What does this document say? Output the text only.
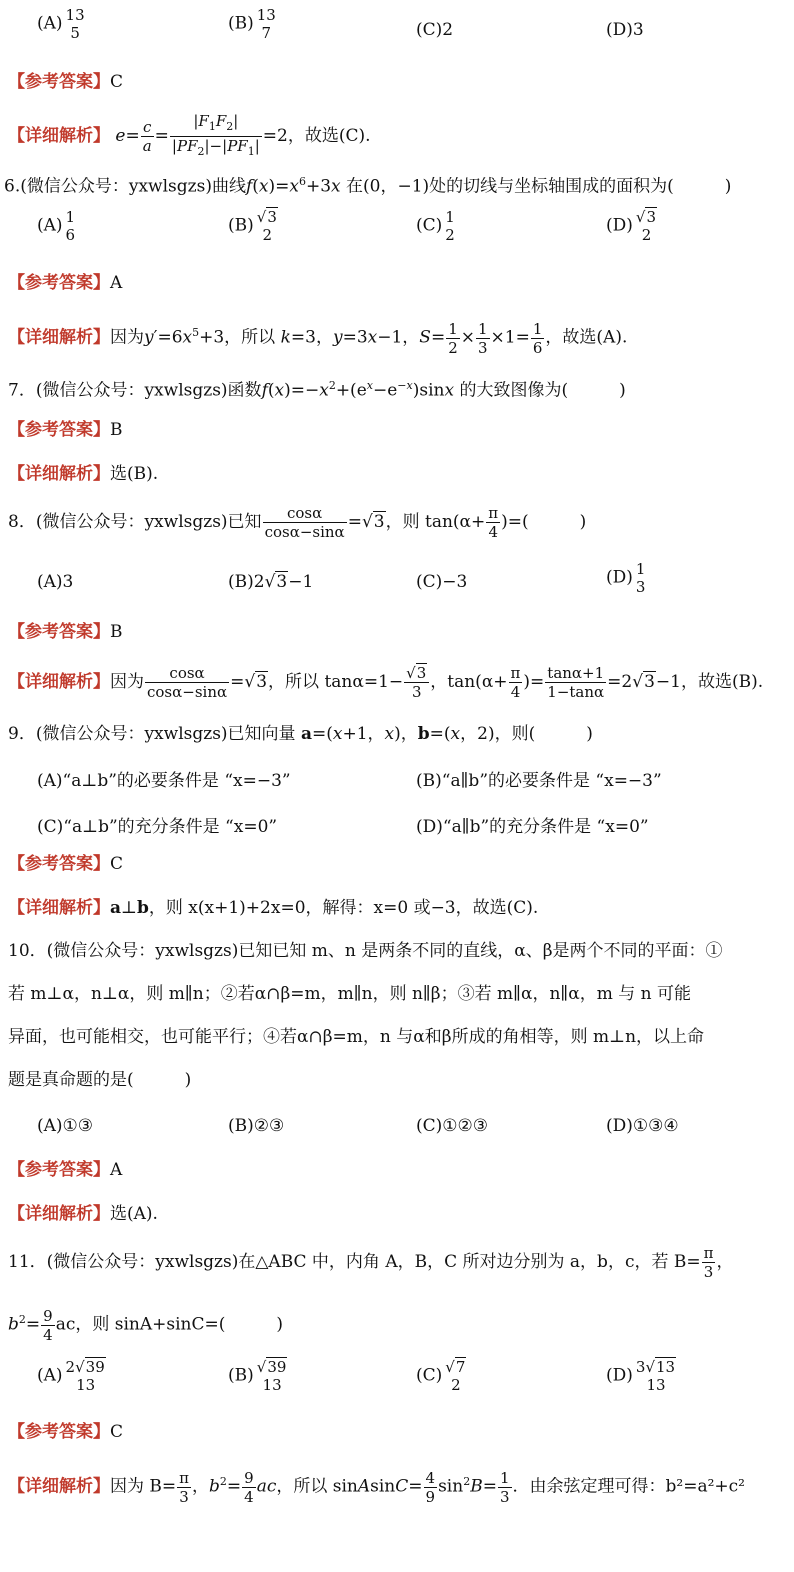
(A) 13
5	(B) 13
7	(C)2	(D)3
【参考答案】C
【详细解析】 $e= \frac{c}{a} = \frac{|F_1F_2|}{|PF_2|-|PF_1|} =2$，故选(C).
6.(微信公众号：yxwlsgzs)曲线$f(x)=x^6+3x$ 在(0，−1)处的切线与坐标轴围成的面积为(　　　)
(A) 1
6	(B)
√ 3
2	(C) 1
2	(D)
√ 3
2
【参考答案】A
【详细解析】因为$y'=6x^5+3$，所以 k=3，y=3x−1，$S= \frac{1}{2} \times \frac{1}{3} \times 1= \frac{1}{6}$ ，故选(A).
7．(微信公众号：yxwlsgzs)函数$f(x)=-x^2+(e^x-e^{-x})\sin x$ 的大致图像为(　　　)
【参考答案】B
【详细解析】选(B).
8．(微信公众号：yxwlsgzs)已知 $\frac{\cos\alpha}{\cos\alpha-\sin\alpha}$ =√ 3，则 $\tan(\alpha+ \frac{\pi}{4}$ )=(　　　)
(A)3	(B)2√ 3−1	(C)−3	(D) 1
3
【参考答案】B
【详细解析】因为 $\frac{\cos\alpha}{\cos\alpha-\sin\alpha}$ =√ 3，所以 tanα=1−
√ $\frac{3}{3}$ ，$\tan(\alpha+ \frac{\pi}{4}$ )= $\frac{\tan\alpha+1}{1-\tan\alpha} =2√$ 3−1，故选(B).
9．(微信公众号：yxwlsgzs)已知向量 a=(x+1，x)，b=(x，2)，则(　　　)
(A)“a⊥b”的必要条件是 “x=−3”	(B)“a∥b”的必要条件是 “x=−3”
(C)“a⊥b”的充分条件是 “x=0”	(D)“a∥b”的充分条件是 “x=0”
【参考答案】C
【详细解析】a⊥b，则 x(x+1)+2x=0，解得：x=0 或−3，故选(C).
10．(微信公众号：yxwlsgzs)已知已知 m、n 是两条不同的直线，α、β是两个不同的平面：①
若 m⊥α，n⊥α，则 m∥n；②若α∩β=m，m∥n，则 n∥β；③若 m∥α，n∥α，m 与 n 可能
异面，也可能相交，也可能平行；④若α∩β=m，n 与α和β所成的角相等，则 m⊥n，以上命
题是真命题的是(　　　)
(A)①③	(B)②③	(C)①②③	(D)①③④
【参考答案】A
【详细解析】选(A).
11．(微信公众号：yxwlsgzs)在△ABC 中，内角 A，B，C 所对边分别为 a，b，c，若 $B= \frac{\pi}{3}$ ，
$b^2= \frac{9}{4}$ ac，则 sinA+sinC=(　　　)
(A) 2√ 39
13	(B)
√ 39
13	(C)
√ 7
2	(D) 3√ 13
13
【参考答案】C
【详细解析】因为 $B= \frac{\pi}{3}$ ，$b^2= \frac{9}{4}$ ac，所以 sinAsinC= $\frac{4}{9} \sin^2B= \frac{1}{3}$ ．由余弦定理可得：b²=a²+c²
